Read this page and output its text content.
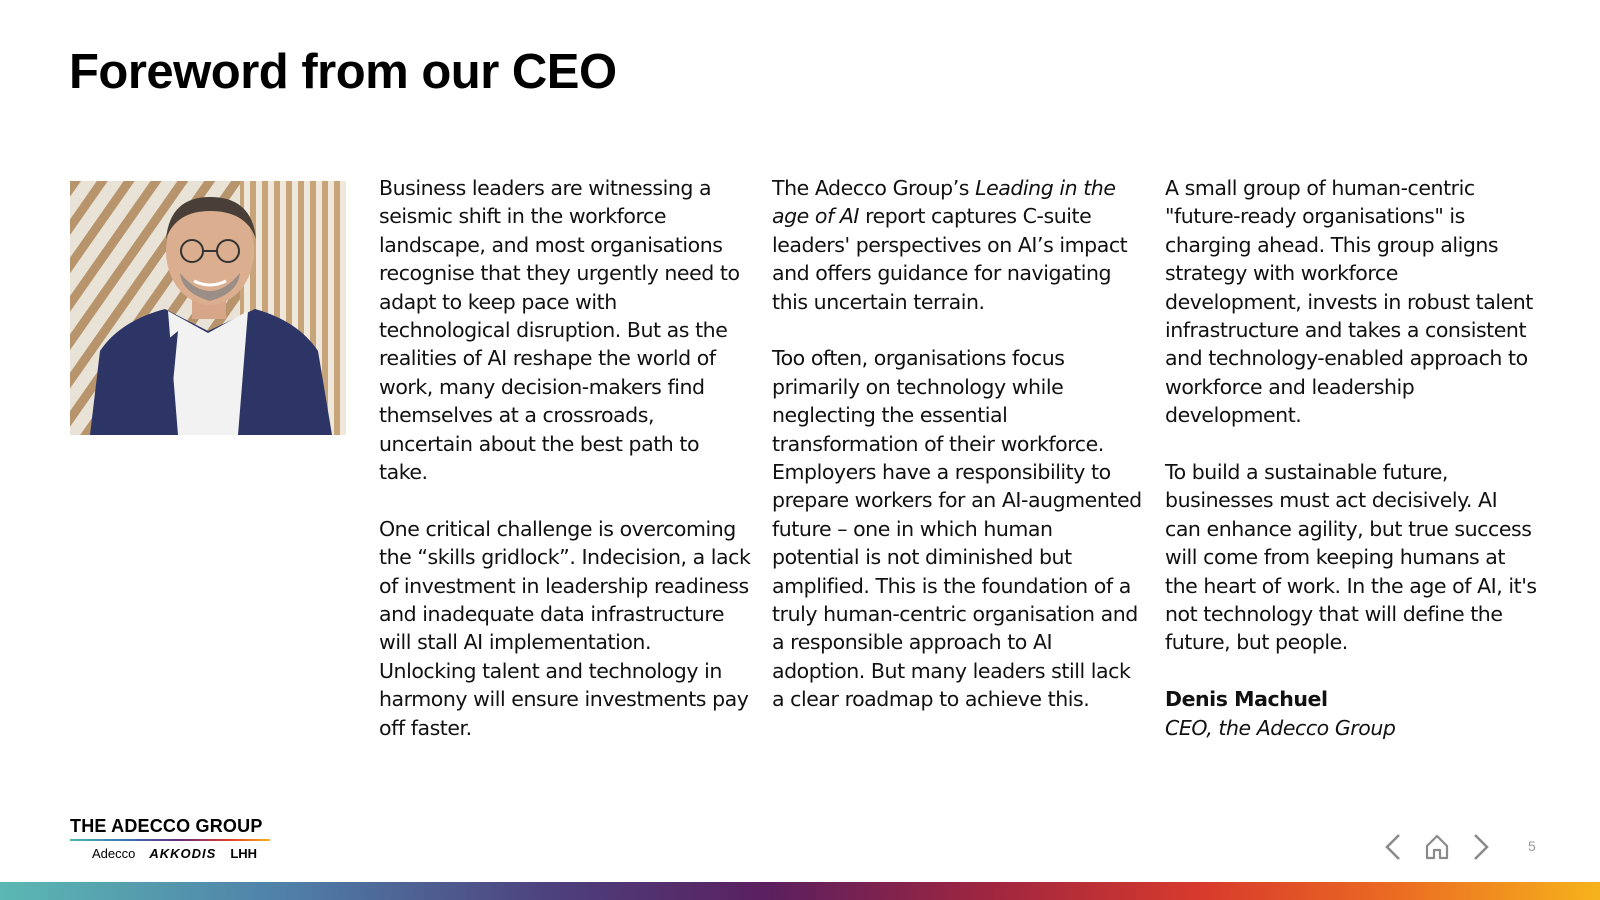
Foreword from our CEO

Business leaders are witnessing a seismic shift in the workforce landscape, and most organisations recognise that they urgently need to adapt to keep pace with technological disruption. But as the realities of AI reshape the world of work, many decision-makers find themselves at a crossroads, uncertain about the best path to take.

One critical challenge is overcoming the “skills gridlock”. Indecision, a lack of investment in leadership readiness and inadequate data infrastructure will stall AI implementation. Unlocking talent and technology in harmony will ensure investments pay off faster.

The Adecco Group’s Leading in the age of AI report captures C-suite leaders' perspectives on AI’s impact and offers guidance for navigating this uncertain terrain.

Too often, organisations focus primarily on technology while neglecting the essential transformation of their workforce. Employers have a responsibility to prepare workers for an AI-augmented future – one in which human potential is not diminished but amplified. This is the foundation of a truly human-centric organisation and a responsible approach to AI adoption. But many leaders still lack a clear roadmap to achieve this.

A small group of human-centric "future-ready organisations" is charging ahead. This group aligns strategy with workforce development, invests in robust talent infrastructure and takes a consistent and technology-enabled approach to workforce and leadership development.

To build a sustainable future, businesses must act decisively. AI can enhance agility, but true success will come from keeping humans at the heart of work. In the age of AI, it's not technology that will define the future, but people.

Denis Machuel
CEO, the Adecco Group
THE ADECCO GROUP
Adecco AKKODIS LHH	5
